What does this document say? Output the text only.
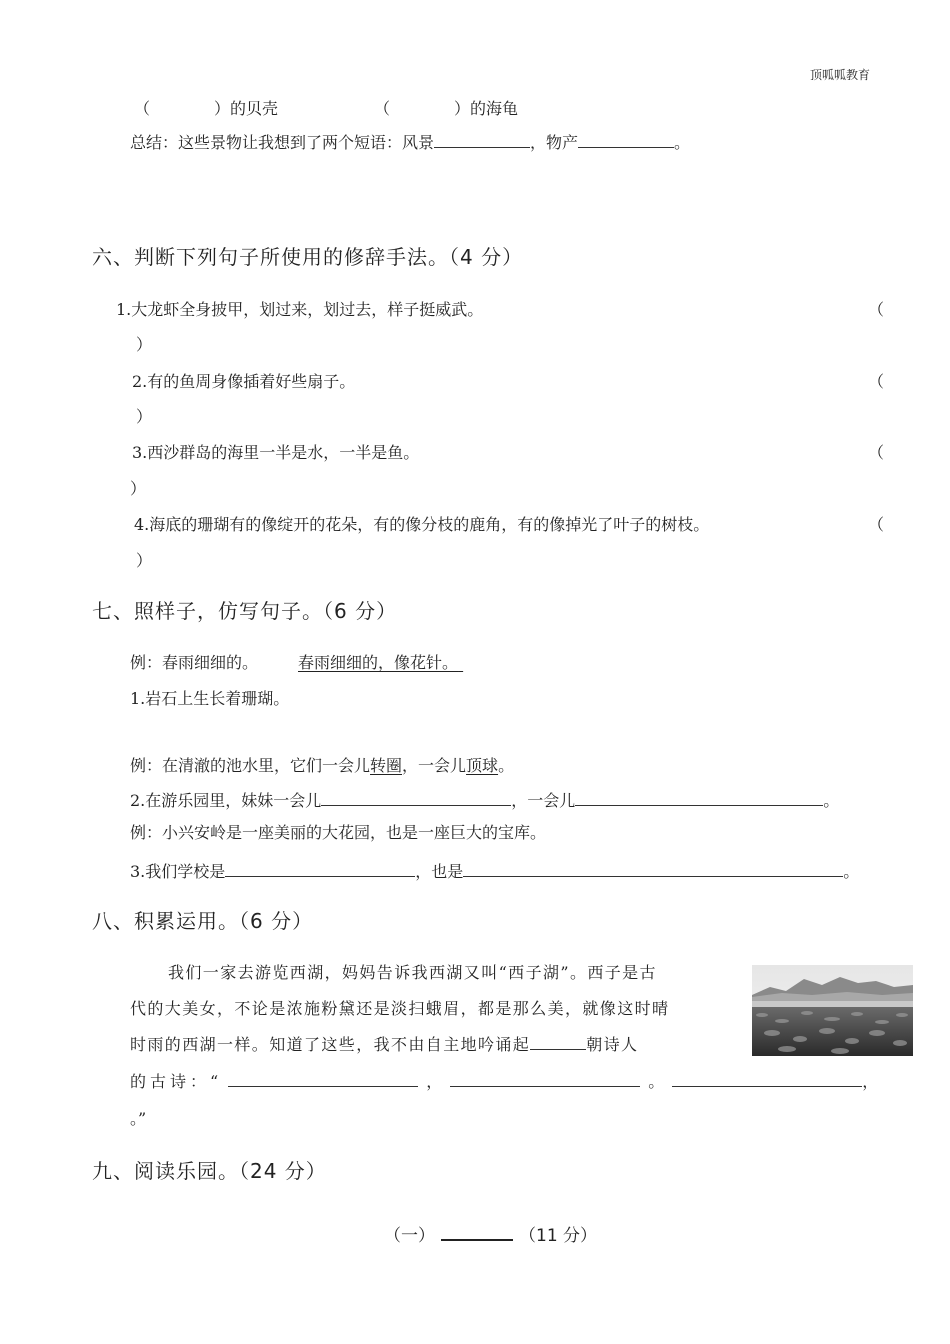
顶呱呱教育
（　　　　）的贝壳	（　　　　）的海龟
总结：这些景物让我想到了两个短语：风景	，物产	。
六、判断下列句子所使用的修辞手法。（4 分）
1.大龙虾全身披甲，划过来，划过去，样子挺威武。	（
）
2.有的鱼周身像插着好些扇子。	（
）
3.西沙群岛的海里一半是水，一半是鱼。	（
）
4.海底的珊瑚有的像绽开的花朵，有的像分枝的鹿角，有的像掉光了叶子的树枝。	（
）
七、照样子，仿写句子。（6 分）
例：春雨细细的。	春雨细细的，像花针。
1.岩石上生长着珊瑚。
例：在清澈的池水里，它们一会儿转圈，一会儿顶球。
2.在游乐园里，妹妹一会儿	，一会儿	。
例：小兴安岭是一座美丽的大花园，也是一座巨大的宝库。
3.我们学校是	，也是	。
八、积累运用。（6 分）
我们一家去游览西湖，妈妈告诉我西湖又叫“西子湖”。西子是古
代的大美女，不论是浓施粉黛还是淡扫蛾眉，都是那么美，就像这时晴
时雨的西湖一样。知道了这些，我不由自主地吟诵起	朝诗人
的古诗：“	，	。	，
。”
九、阅读乐园。（24 分）
（一）	（11 分）
